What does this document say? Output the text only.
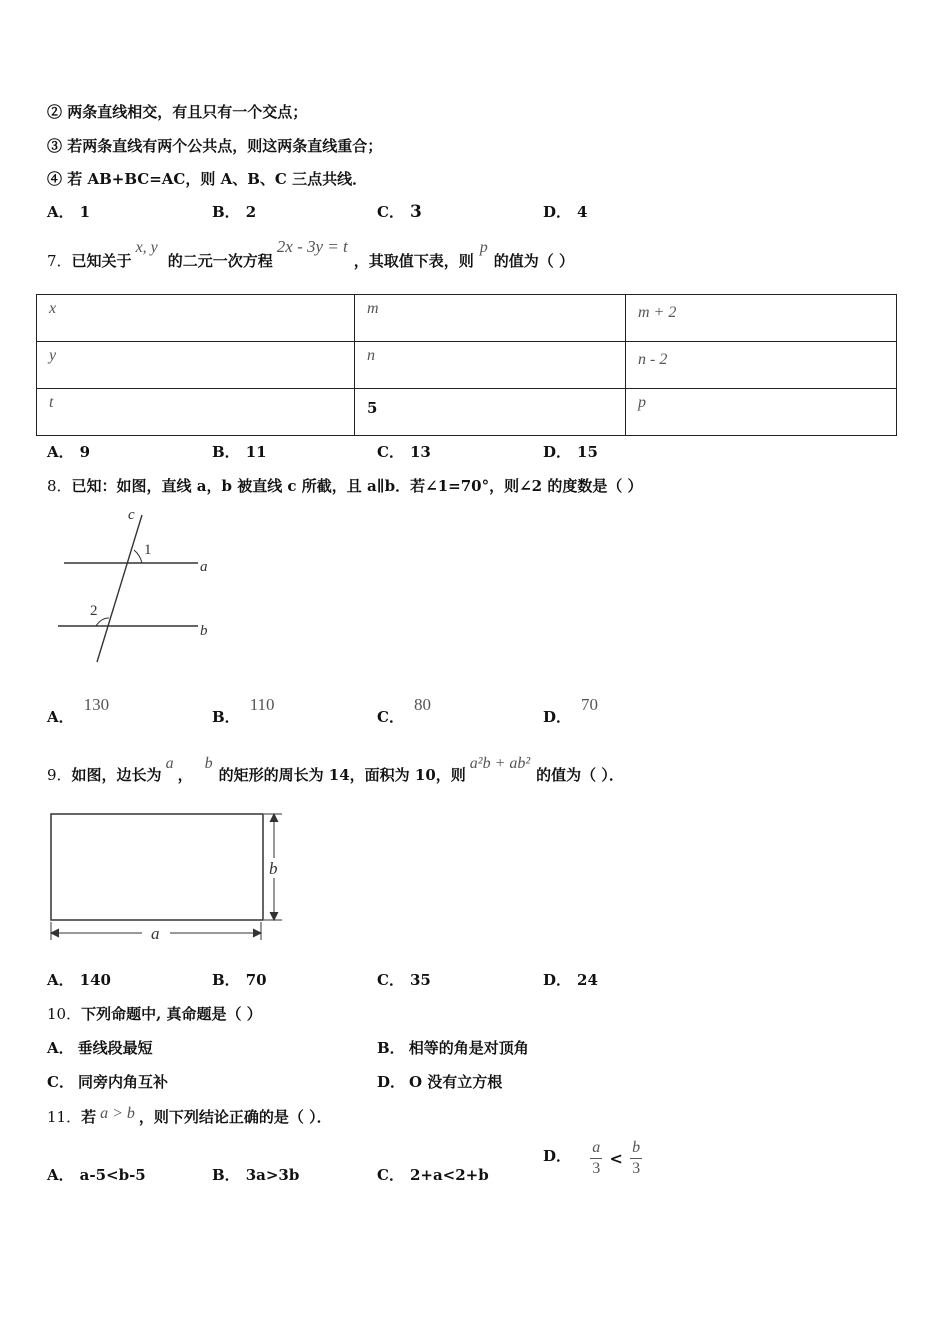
② 两条直线相交，有且只有一个交点；
③ 若两条直线有两个公共点，则这两条直线重合；
④ 若 AB+BC=AC，则 A、B、C 三点共线．
A． 1	B． 2	C． 3	D． 4
7．已知关于x, y的二元一次方程2x - 3y = t，其取值下表，则p的值为（ ）
x	m	m + 2
y	n	n - 2
t	5	p
A． 9	B． 11	C． 13	D． 15
8．已知：如图，直线 a，b 被直线 c 所截，且 a∥b．若∠1=70°，则∠2 的度数是（ ）
c
1
a
2
b
A．130
B．110
C．80
D．70
9．如图，边长为a，b的矩形的周长为 14，面积为 10，则a²b + ab²的值为（ ）．
b
a
A． 140	B． 70	C． 35	D． 24
10．下列命题中, 真命题是（ ）
A． 垂线段最短	B． 相等的角是对顶角
C． 同旁内角互补	D． O 没有立方根
11．若 a > b ，则下列结论正确的是（ ）．
A． a-5<b-5	B． 3a>3b	C． 2+a<2+b
D． $\frac{a}{3} < \frac{b}{3}$
